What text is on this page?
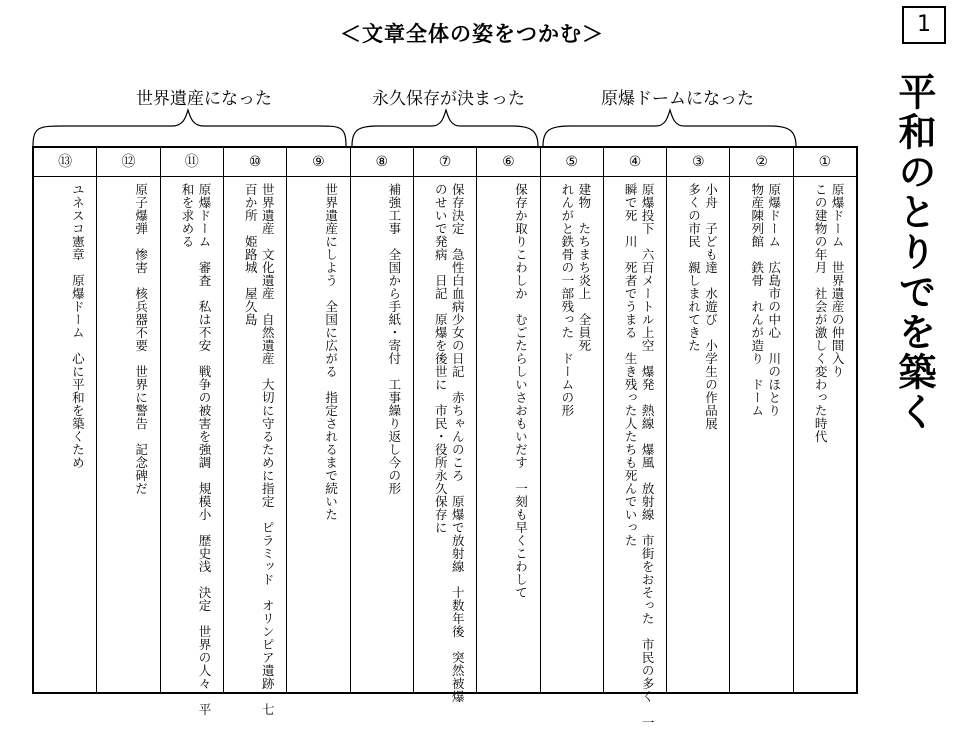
＜文章全体の姿をつかむ＞	1
平和のとりでを築く
世界遺産になった	永久保存が決まった	原爆ドームになった
⑬
ユネスコ憲章　原爆ドーム　心に平和を築くため
⑫
原子爆弾　惨害　核兵器不要　世界に警告　記念碑だ
⑪
原爆ドーム　審査　私は不安　戦争の被害を強調　規模小　歴史浅　決定　世界の人々　平
和を求める
⑩
世界遺産　文化遺産　自然遺産　大切に守るために指定　ピラミッド　オリンピア遺跡　七
百か所　姫路城　屋久島
⑨
世界遺産にしよう　全国に広がる　指定されるまで続いた
⑧
補強工事　全国から手紙・寄付　工事繰り返し今の形
⑦
保存決定　急性白血病少女の日記　赤ちゃんのころ　原爆で放射線　十数年後　突然被爆
のせいで発病　日記　原爆を後世に　市民・役所永久保存に
⑥
保存か取りこわしか　むごたらしいさおもいだす　一刻も早くこわして
⑤
建物　たちまち炎上　全員死
れんがと鉄骨の一部残った　ドームの形
④
原爆投下　六百メートル上空　爆発　熱線　爆風　放射線　市街をおそった　市民の多く　一
瞬で死　川　死者でうまる　生き残った人たちも死んでいった
③
小舟　子ども達　水遊び　小学生の作品展
多くの市民　親しまれてきた
②
原爆ドーム　広島市の中心　川のほとり
物産陳列館　鉄骨　れんが造り　ドーム
①
原爆ドーム　世界遺産の仲間入り
この建物の年月　社会が激しく変わった時代
